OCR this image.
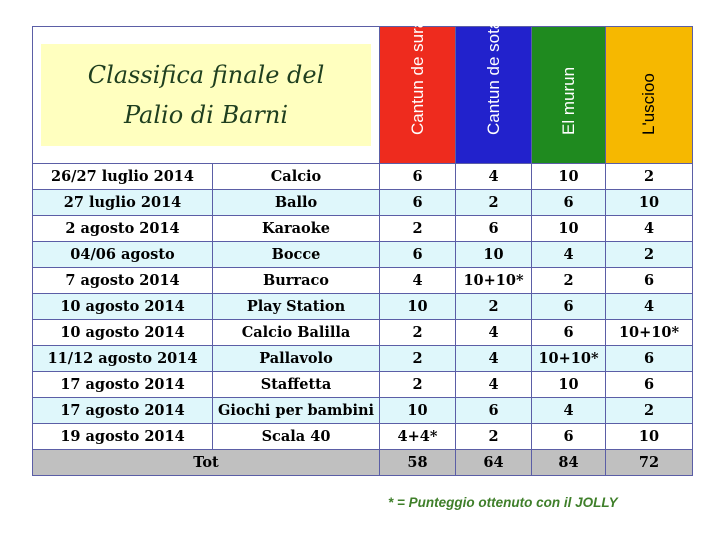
Classifica finale del
Palio di Barni		Cantun de sura	Cantun de sota	El murun	L'uscioo

26/27 luglio 2014	Calcio	6	4	10	2
27 luglio 2014	Ballo	6	2	6	10
2 agosto 2014	Karaoke	2	6	10	4
04/06 agosto	Bocce	6	10	4	2
7 agosto 2014	Burraco	4	10+10*	2	6
10 agosto 2014	Play Station	10	2	6	4
10 agosto 2014	Calcio Balilla	2	4	6	10+10*
11/12 agosto 2014	Pallavolo	2	4	10+10*	6
17 agosto 2014	Staffetta	2	4	10	6
17 agosto 2014	Giochi per bambini	10	6	4	2
19 agosto 2014	Scala 40	4+4*	2	6	10
Tot		58	64	84	72
* = Punteggio ottenuto con il JOLLY
